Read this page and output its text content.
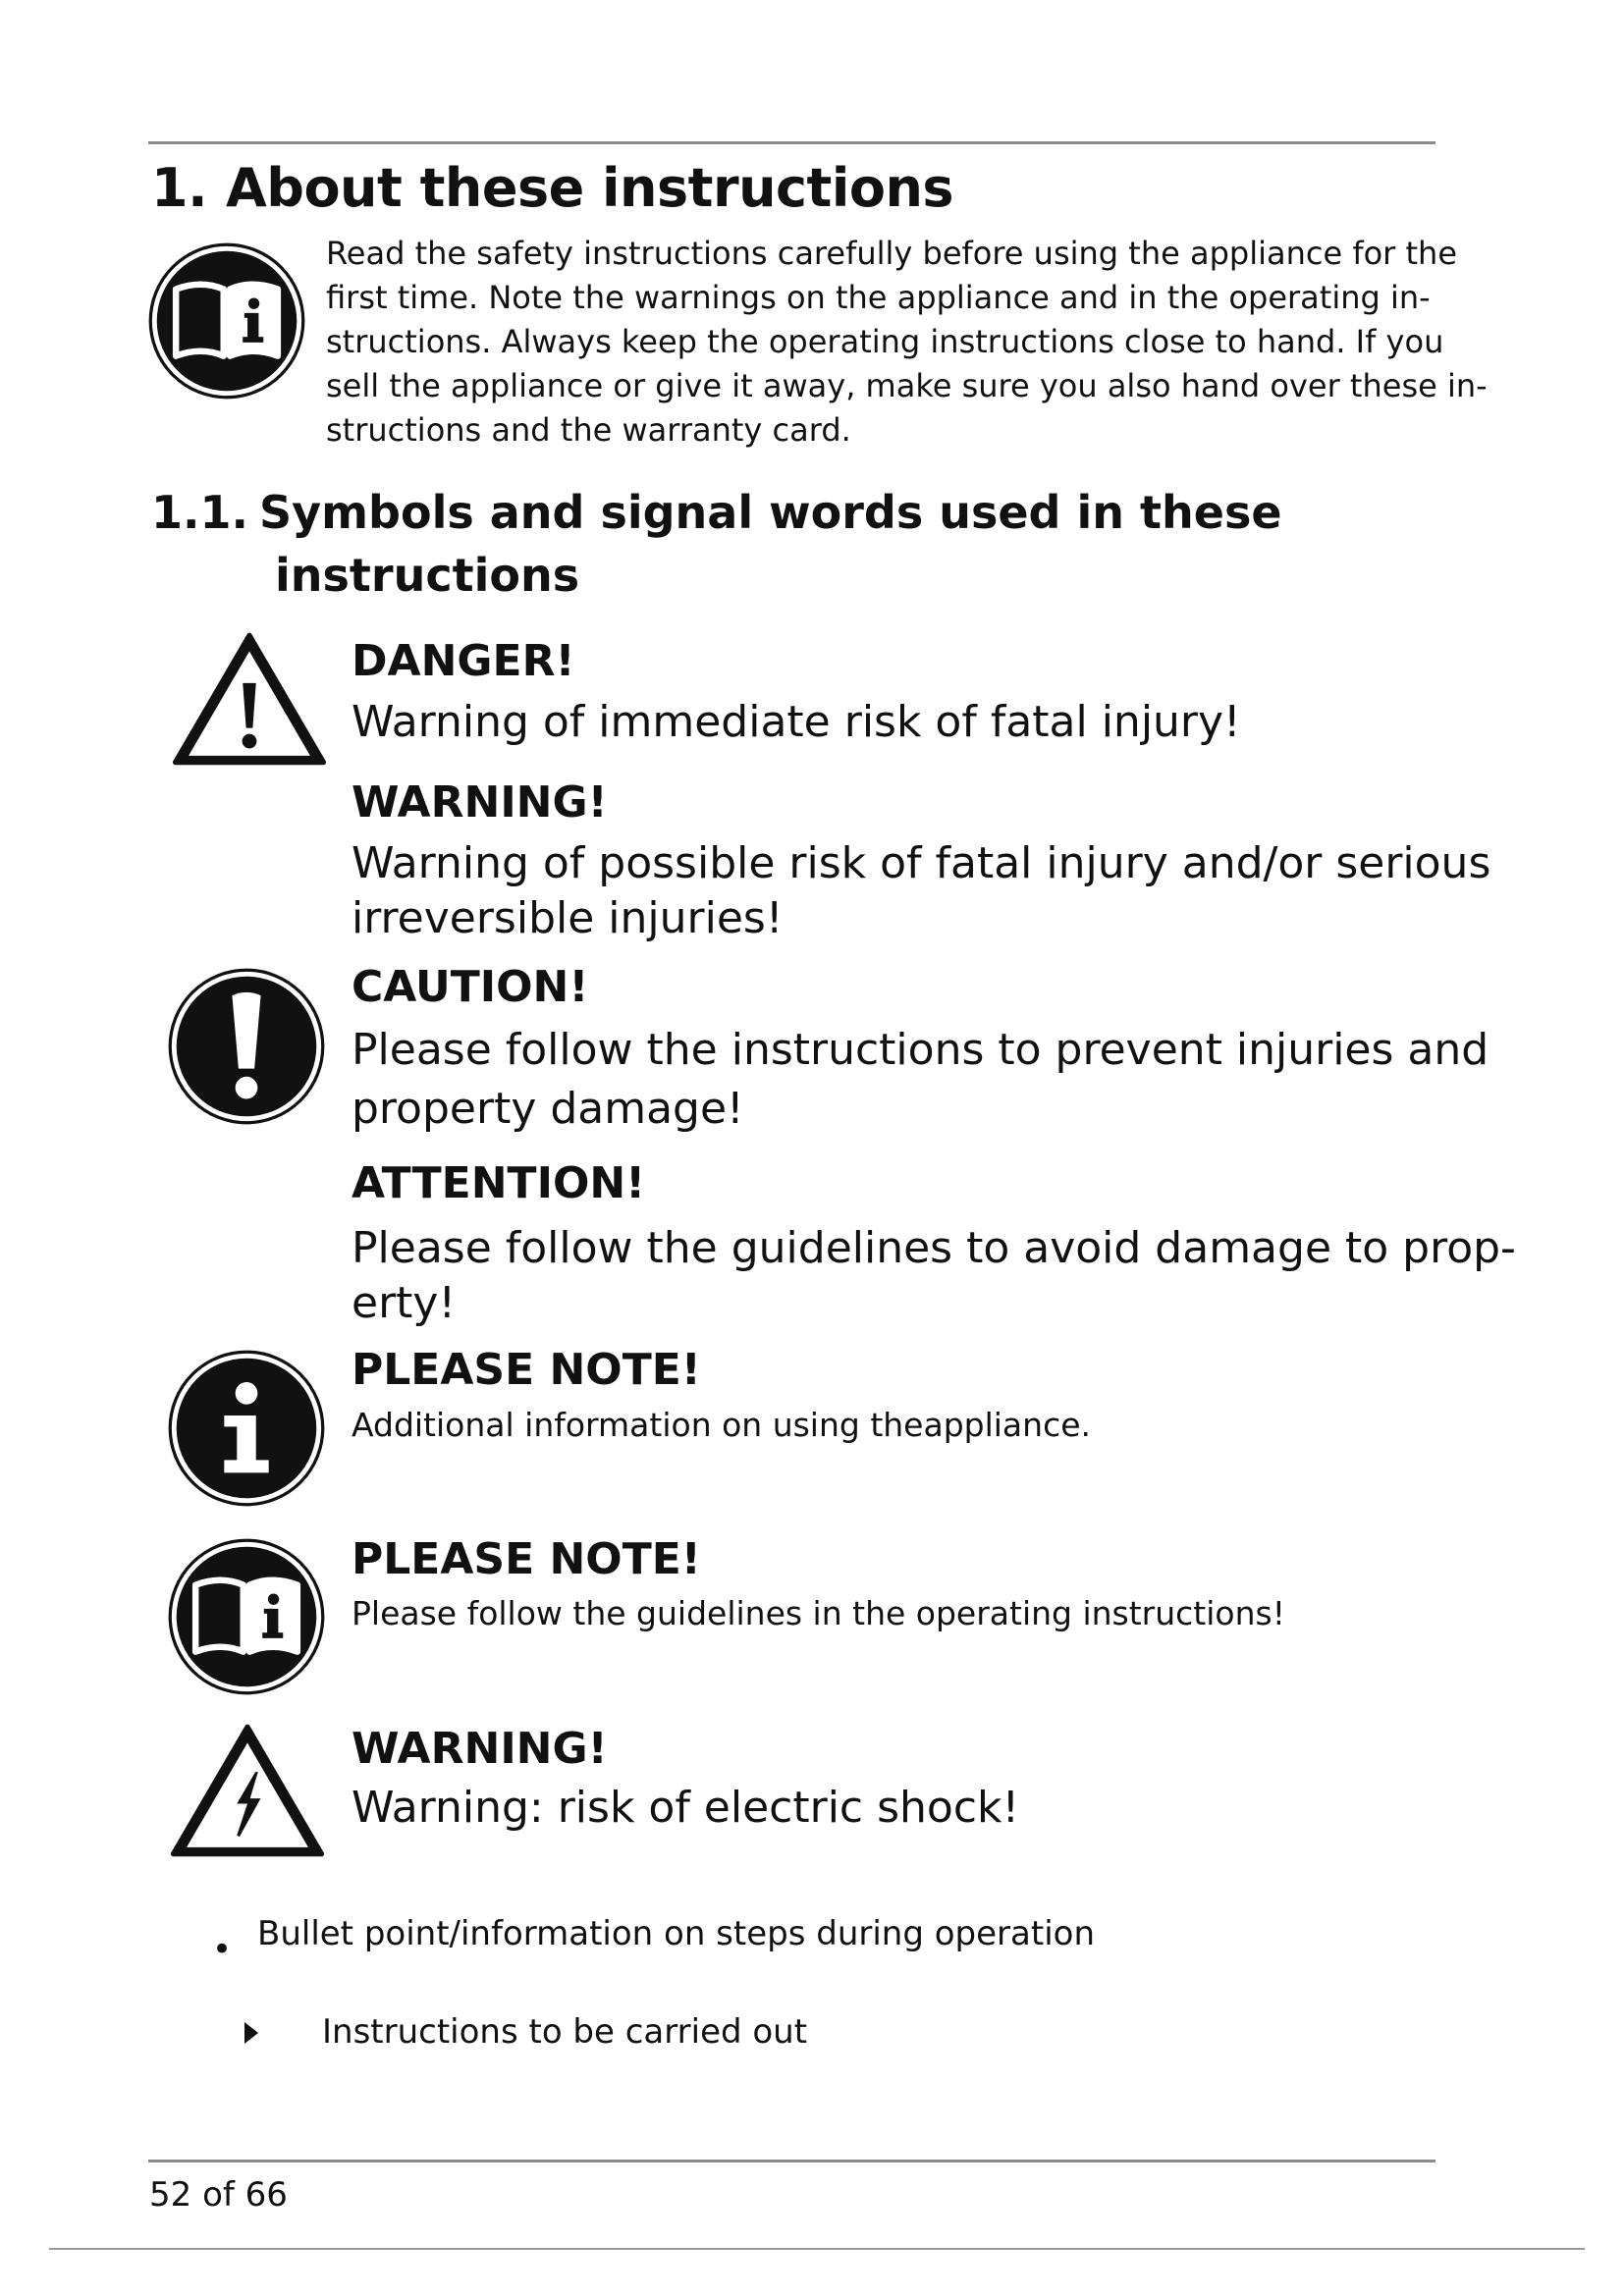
1. About these instructions
Read the safety instructions carefully before using the appliance for the
first time. Note the warnings on the appliance and in the operating in-
structions. Always keep the operating instructions close to hand. If you
sell the appliance or give it away, make sure you also hand over these in-
structions and the warranty card.
1.1. Symbols and signal words used in these
instructions
DANGER!
Warning of immediate risk of fatal injury!
WARNING!
Warning of possible risk of fatal injury and/or serious
irreversible injuries!
CAUTION!
Please follow the instructions to prevent injuries and
property damage!
ATTENTION!
Please follow the guidelines to avoid damage to prop-
erty!
PLEASE NOTE!
Additional information on using theappliance.
PLEASE NOTE!
Please follow the guidelines in the operating instructions!
WARNING!
Warning: risk of electric shock!
• Bullet point/information on steps during operation
Instructions to be carried out
52 of 66
